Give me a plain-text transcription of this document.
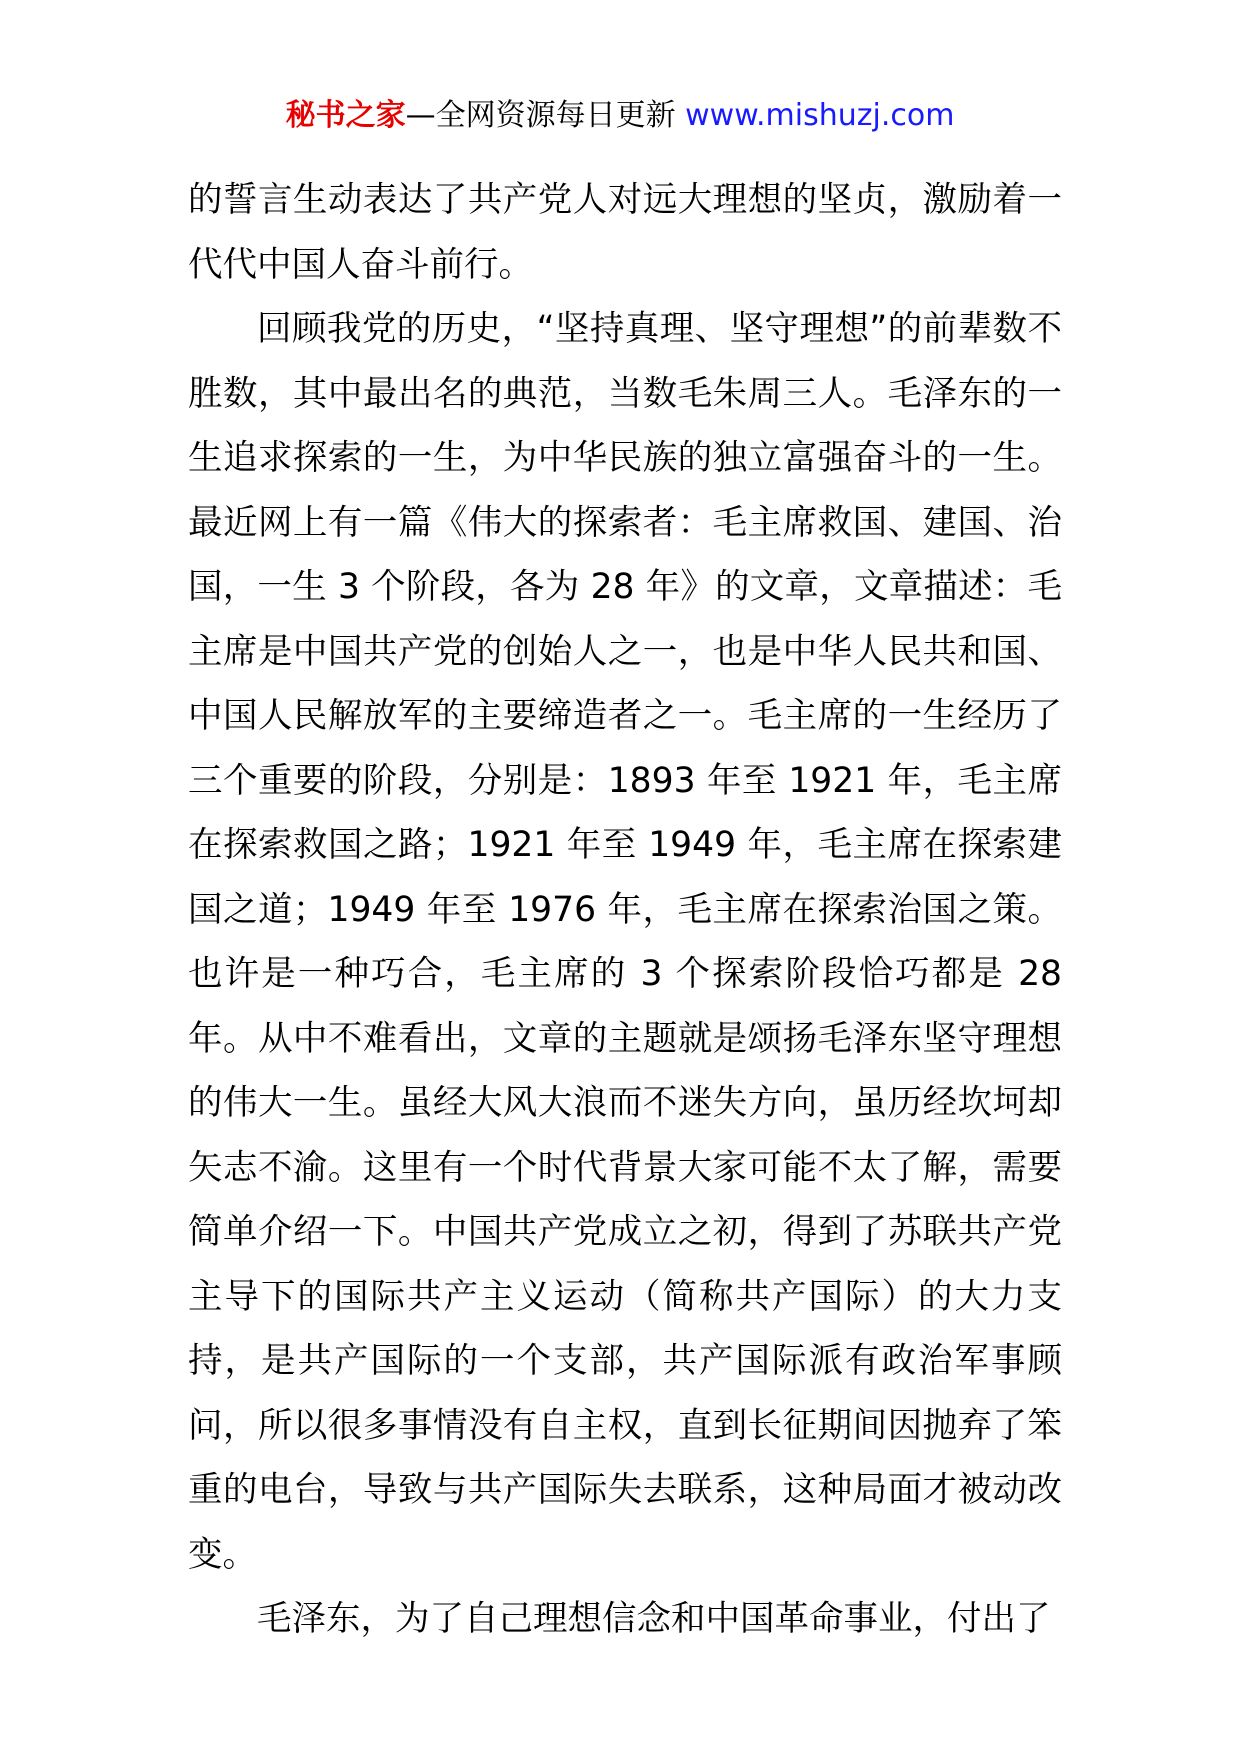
秘书之家—全网资源每日更新 www.mishuzj.com

的誓言生动表达了共产党人对远大理想的坚贞，激励着一代代中国人奋斗前行。

回顾我党的历史，“坚持真理、坚守理想”的前辈数不胜数，其中最出名的典范，当数毛朱周三人。毛泽东的一生追求探索的一生，为中华民族的独立富强奋斗的一生。最近网上有一篇《伟大的探索者：毛主席救国、建国、治国，一生 3 个阶段，各为 28 年》的文章，文章描述：毛主席是中国共产党的创始人之一，也是中华人民共和国、中国人民解放军的主要缔造者之一。毛主席的一生经历了三个重要的阶段，分别是：1893 年至 1921 年，毛主席在探索救国之路；1921 年至 1949 年，毛主席在探索建国之道；1949 年至 1976 年，毛主席在探索治国之策。也许是一种巧合，毛主席的 3 个探索阶段恰巧都是 28 年。从中不难看出，文章的主题就是颂扬毛泽东坚守理想的伟大一生。虽经大风大浪而不迷失方向，虽历经坎坷却矢志不渝。这里有一个时代背景大家可能不太了解，需要简单介绍一下。中国共产党成立之初，得到了苏联共产党主导下的国际共产主义运动（简称共产国际）的大力支持，是共产国际的一个支部，共产国际派有政治军事顾问，所以很多事情没有自主权，直到长征期间因抛弃了笨重的电台，导致与共产国际失去联系，这种局面才被动改变。

毛泽东，为了自己理想信念和中国革命事业，付出了
